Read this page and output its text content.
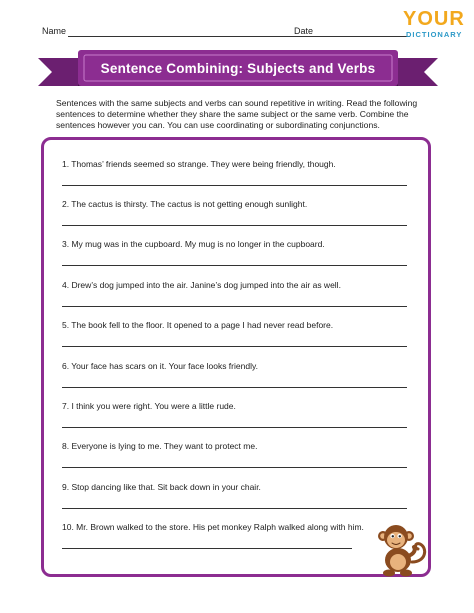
Name	Date
YOUR
DICTIONARY
Sentence Combining: Subjects and Verbs
Sentences with the same subjects and verbs can sound repetitive in writing. Read the following sentences to determine whether they share the same subject or the same verb. Combine the sentences however you can. You can use coordinating or subordinating conjunctions.
1. Thomas’ friends seemed so strange. They were being friendly, though.
2. The cactus is thirsty. The cactus is not getting enough sunlight.
3. My mug was in the cupboard. My mug is no longer in the cupboard.
4. Drew’s dog jumped into the air. Janine’s dog jumped into the air as well.
5. The book fell to the floor. It opened to a page I had never read before.
6. Your face has scars on it. Your face looks friendly.
7. I think you were right. You were a little rude.
8. Everyone is lying to me. They want to protect me.
9. Stop dancing like that. Sit back down in your chair.
10. Mr. Brown walked to the store. His pet monkey Ralph walked along with him.
